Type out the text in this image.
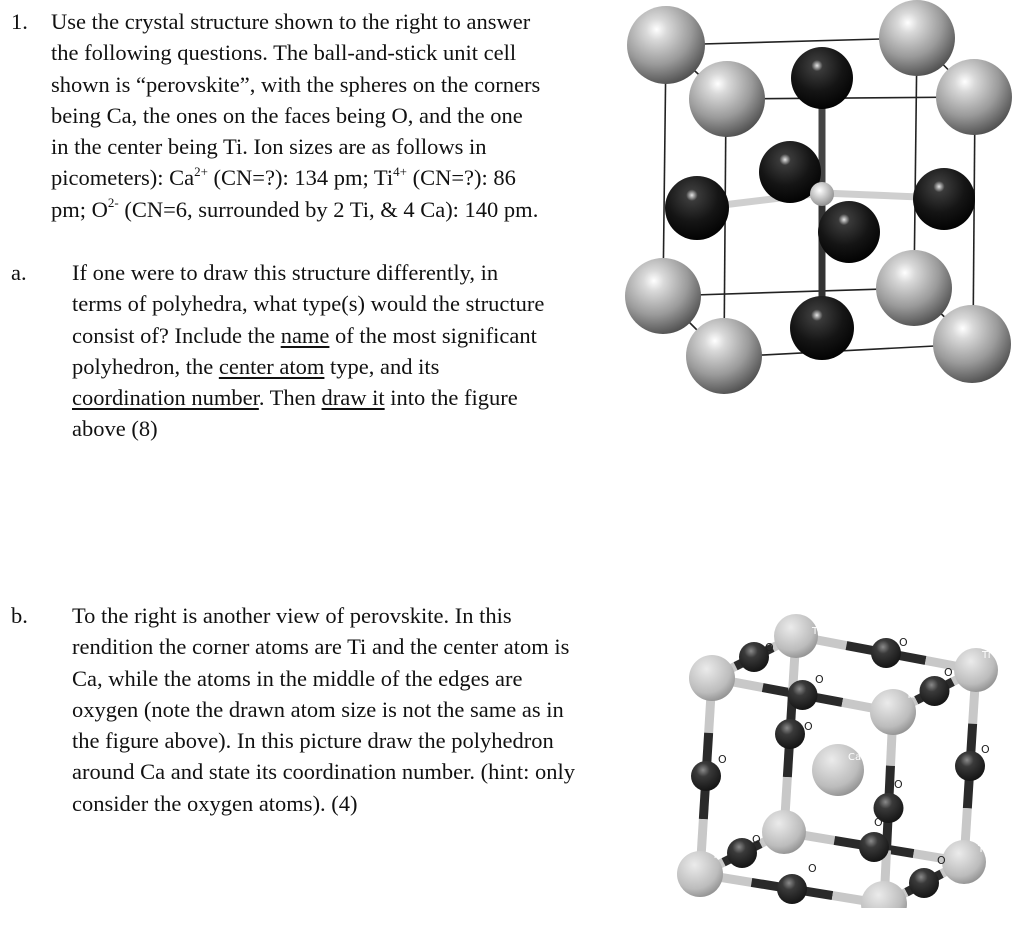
1. Use the crystal structure shown to the right to answer
the following questions. The ball-and-stick unit cell
shown is “perovskite”, with the spheres on the corners
being Ca, the ones on the faces being O, and the one
in the center being Ti. Ion sizes are as follows in
picometers): $Ca^{2+}$ (CN=?): 134 pm; $Ti^{4+}$ (CN=?): 86
pm; $O^{2-}$ (CN=6, surrounded by 2 Ti, & 4 Ca): 140 pm.
a. If one were to draw this structure differently, in
terms of polyhedra, what type(s) would the structure
consist of? Include the name of the most significant
polyhedron, the center atom type, and its
coordination number. Then draw it into the figure
above (8)
b. To the right is another view of perovskite. In this
rendition the corner atoms are Ti and the center atom is
Ca, while the atoms in the middle of the edges are
oxygen (note the drawn atom size is not the same as in
the figure above). In this picture draw the polyhedron
around Ca and state its coordination number. (hint: only
consider the oxygen atoms). (4)
Ca
Ti
Ti
Ti
Ti
Ti
O
O
O
O
O
O
O
O
O
O
O
O
